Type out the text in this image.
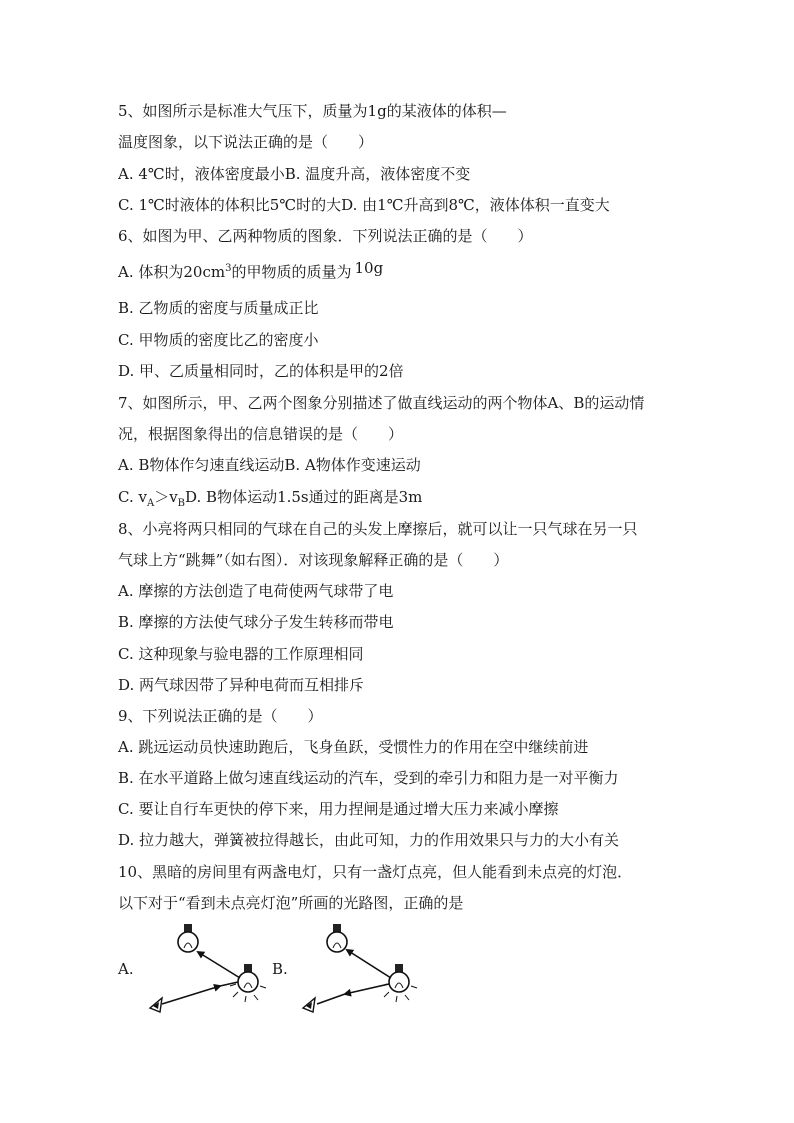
5、如图所示是标准大气压下，质量为1g的某液体的体积—
温度图象，以下说法正确的是（　　）
A. 4℃时，液体密度最小B. 温度升高，液体密度不变
C. 1℃时液体的体积比5℃时的大D. 由1℃升高到8℃，液体体积一直变大
6、如图为甲、乙两种物质的图象．下列说法正确的是（　　）
A. 体积为$20cm^3$的甲物质的质量为 10g
B. 乙物质的密度与质量成正比
C. 甲物质的密度比乙的密度小
D. 甲、乙质量相同时，乙的体积是甲的2倍
7、如图所示，甲、乙两个图象分别描述了做直线运动的两个物体A、B的运动情
况，根据图象得出的信息错误的是（　　）
A. B物体作匀速直线运动B. A物体作变速运动
C. $v_A>v_BD$. B物体运动1.5s通过的距离是3m
8、小亮将两只相同的气球在自己的头发上摩擦后，就可以让一只气球在另一只
气球上方“跳舞”（如右图）．对该现象解释正确的是（　　）
A. 摩擦的方法创造了电荷使两气球带了电
B. 摩擦的方法使气球分子发生转移而带电
C. 这种现象与验电器的工作原理相同
D. 两气球因带了异种电荷而互相排斥
9、下列说法正确的是（　　）
A. 跳远运动员快速助跑后，飞身鱼跃，受惯性力的作用在空中继续前进
B. 在水平道路上做匀速直线运动的汽车，受到的牵引力和阻力是一对平衡力
C. 要让自行车更快的停下来，用力捏闸是通过增大压力来减小摩擦
D. 拉力越大，弹簧被拉得越长，由此可知，力的作用效果只与力的大小有关
10、黑暗的房间里有两盏电灯，只有一盏灯点亮，但人能看到未点亮的灯泡．
以下对于“看到未点亮灯泡”所画的光路图，正确的是
A.	B.
